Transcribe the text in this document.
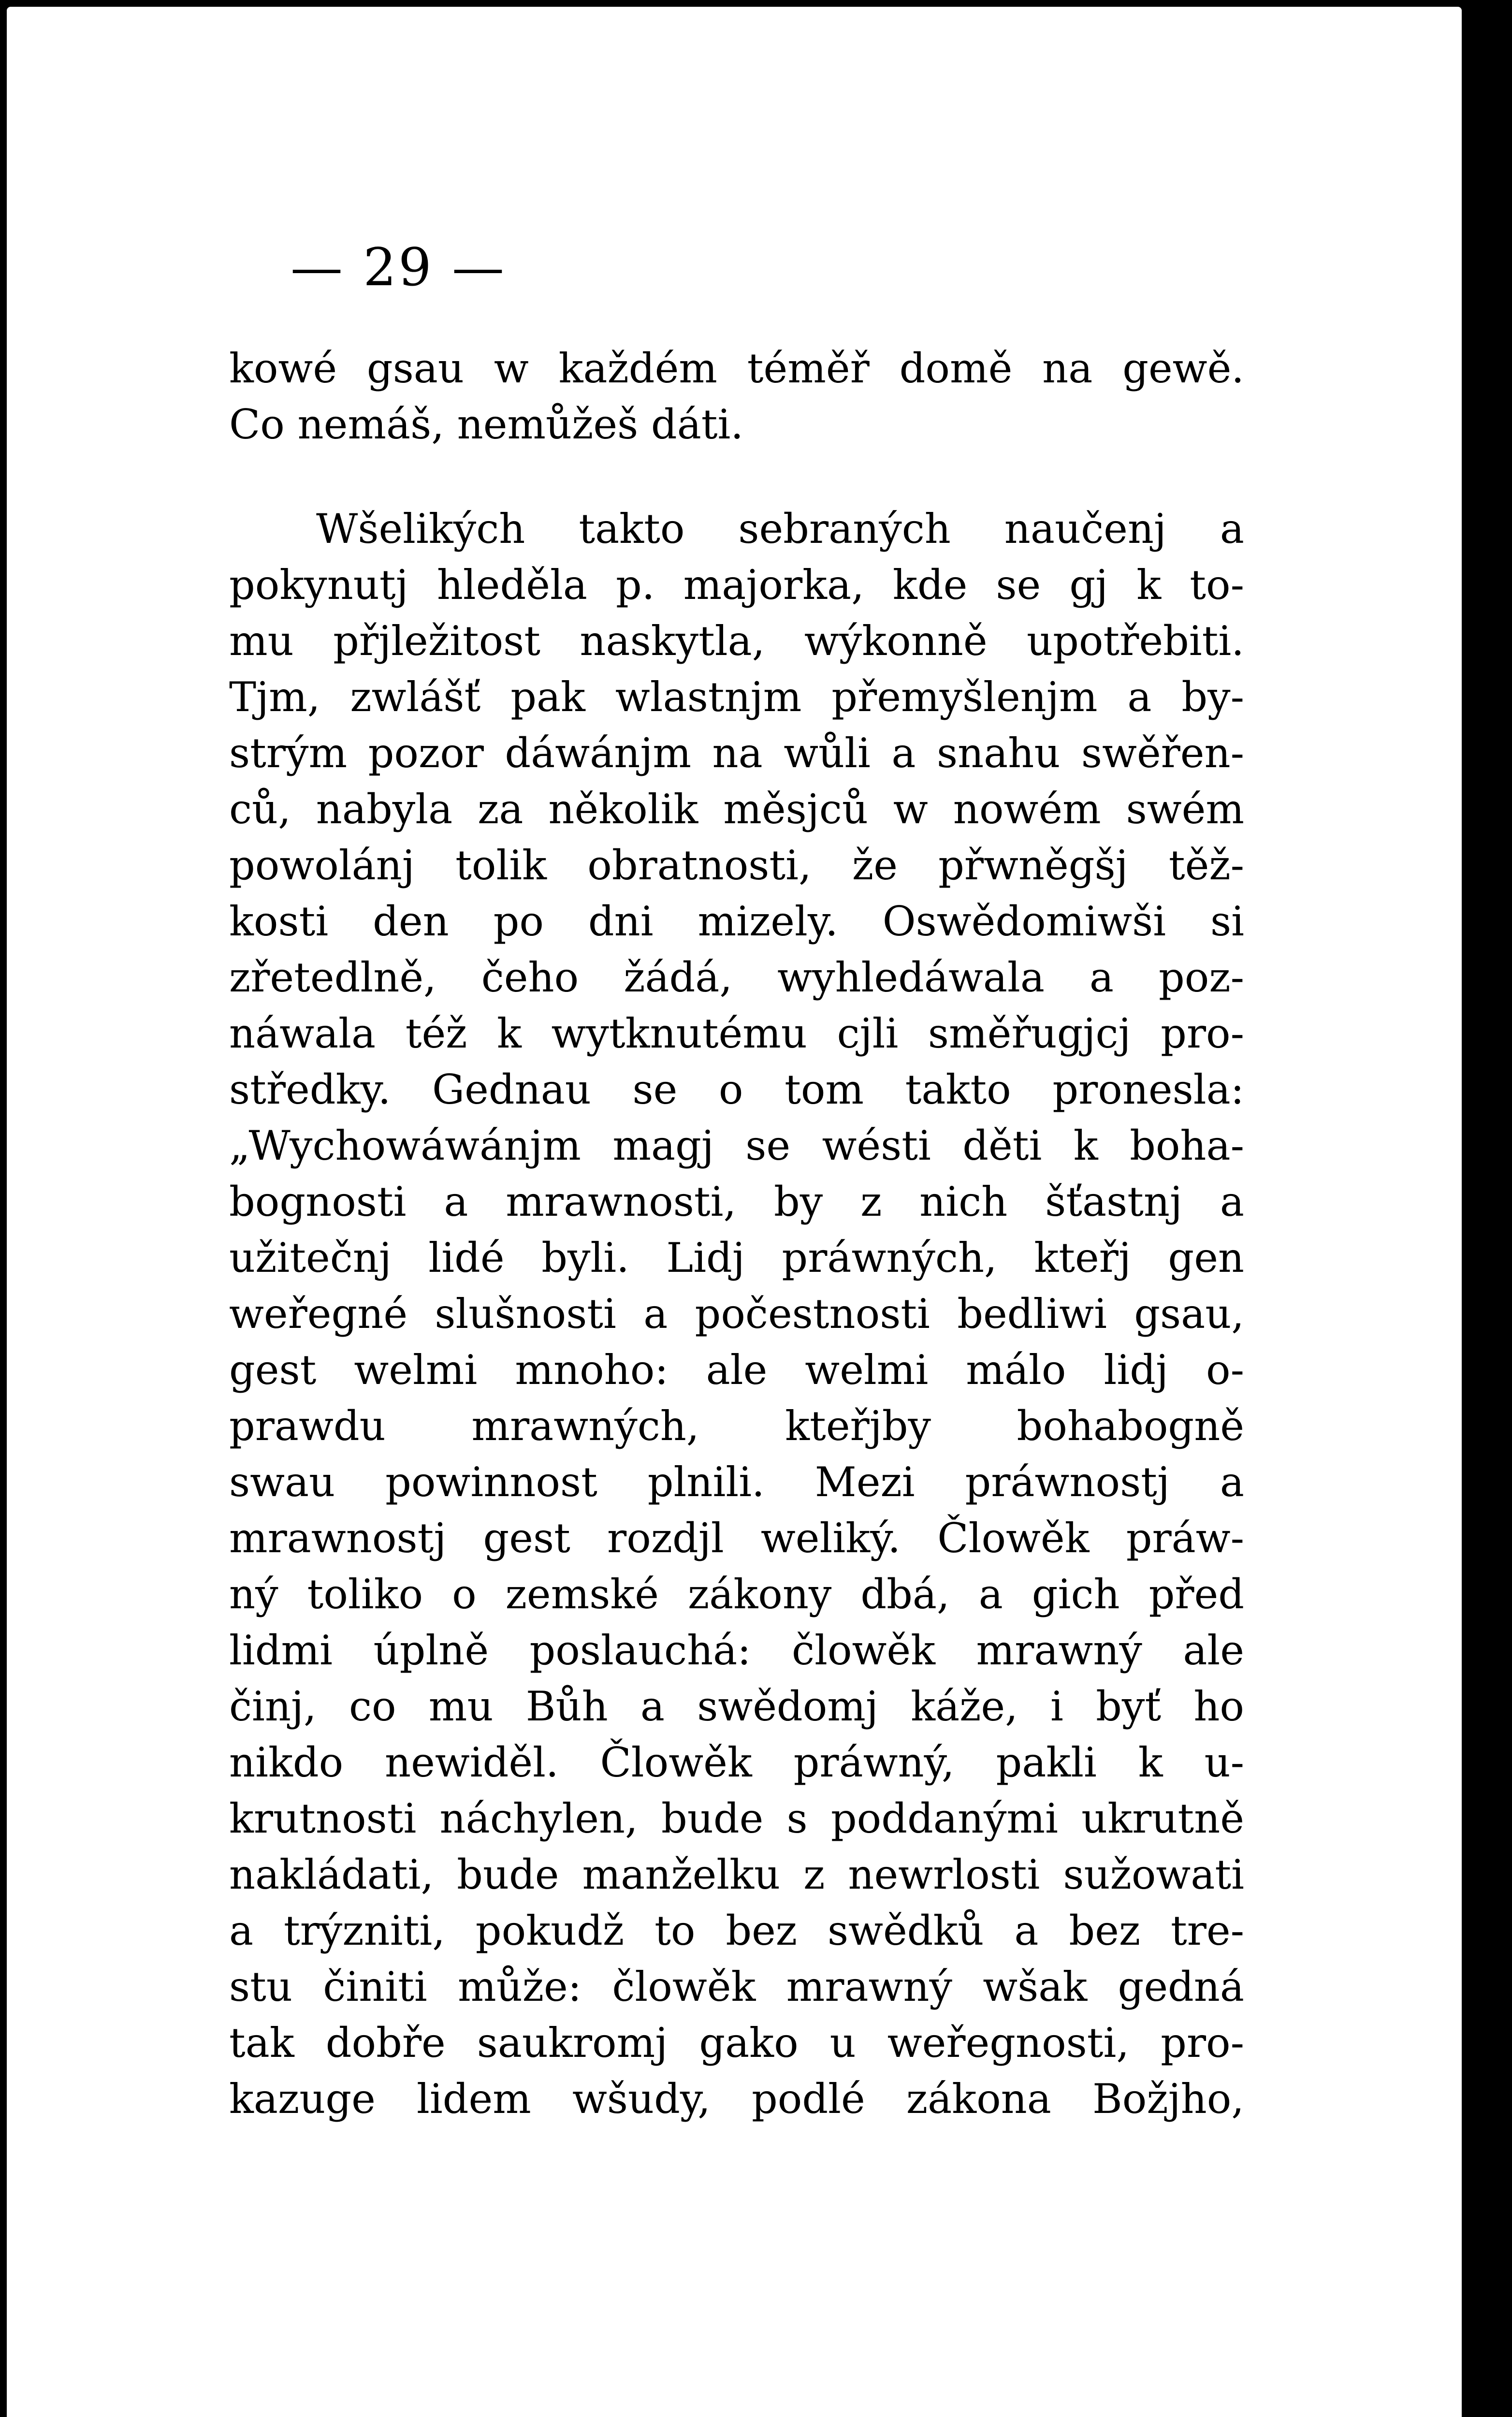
— 29 —
kowé gsau w každém téměř domě na gewě.
Co nemáš, nemůžeš dáti.
Wšelikých takto sebraných naučenj a
pokynutj hleděla p. majorka, kde se gj k to-
mu přjležitost naskytla, wýkonně upotřebiti.
Tjm, zwlášť pak wlastnjm přemyšlenjm a by-
strým pozor dáwánjm na wůli a snahu swěřen-
ců, nabyla za několik měsjců w nowém swém
powolánj tolik obratnosti, že přwněgšj těž-
kosti den po dni mizely. Oswědomiwši si
zřetedlně, čeho žádá, wyhledáwala a poz-
náwala též k wytknutému cjli směřugjcj pro-
středky. Gednau se o tom takto pronesla:
„Wychowáwánjm magj se wésti děti k boha-
bognosti a mrawnosti, by z nich šťastnj a
užitečnj lidé byli. Lidj práwných, kteřj gen
weřegné slušnosti a počestnosti bedliwi gsau,
gest welmi mnoho: ale welmi málo lidj o-
prawdu mrawných, kteřjby bohabogně
swau powinnost plnili. Mezi práwnostj a
mrawnostj gest rozdjl weliký. Člowěk práw-
ný toliko o zemské zákony dbá, a gich před
lidmi úplně poslauchá: člowěk mrawný ale
činj, co mu Bůh a swědomj káže, i byť ho
nikdo newiděl. Člowěk práwný, pakli k u-
krutnosti náchylen, bude s poddanými ukrutně
nakládati, bude manželku z newrlosti sužowati
a trýzniti, pokudž to bez swědků a bez tre-
stu činiti může: člowěk mrawný wšak gedná
tak dobře saukromj gako u weřegnosti, pro-
kazuge lidem wšudy, podlé zákona Božjho,
